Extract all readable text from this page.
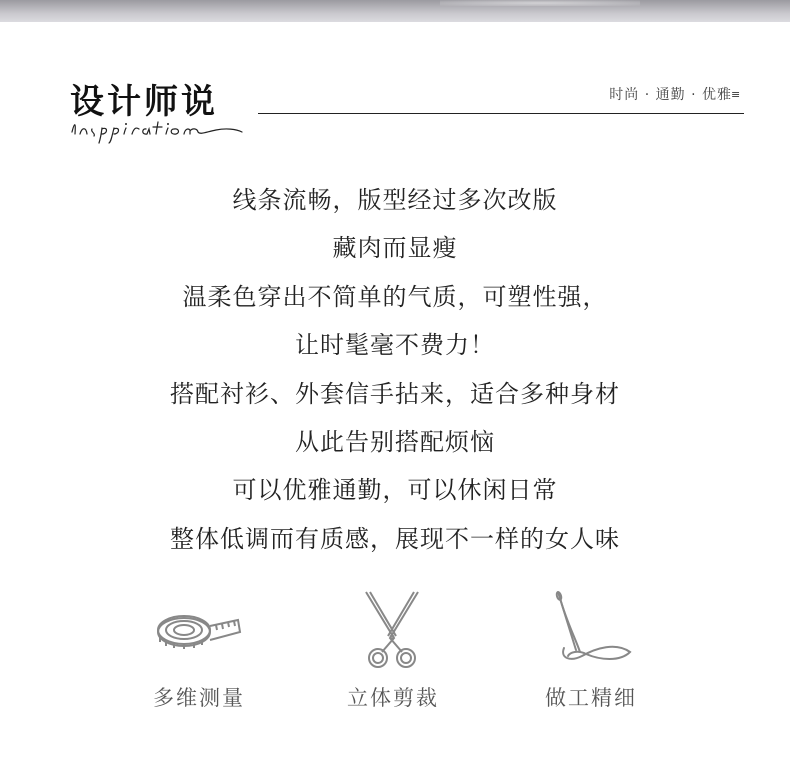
设计师说	时尚 · 通勤 · 优雅 ≡
线条流畅，版型经过多次改版
藏肉而显瘦
温柔色穿出不简单的气质，可塑性强，
让时髦毫不费力！
搭配衬衫、外套信手拈来，适合多种身材
从此告别搭配烦恼
可以优雅通勤，可以休闲日常
整体低调而有质感，展现不一样的女人味
多维测量	立体剪裁	做工精细
